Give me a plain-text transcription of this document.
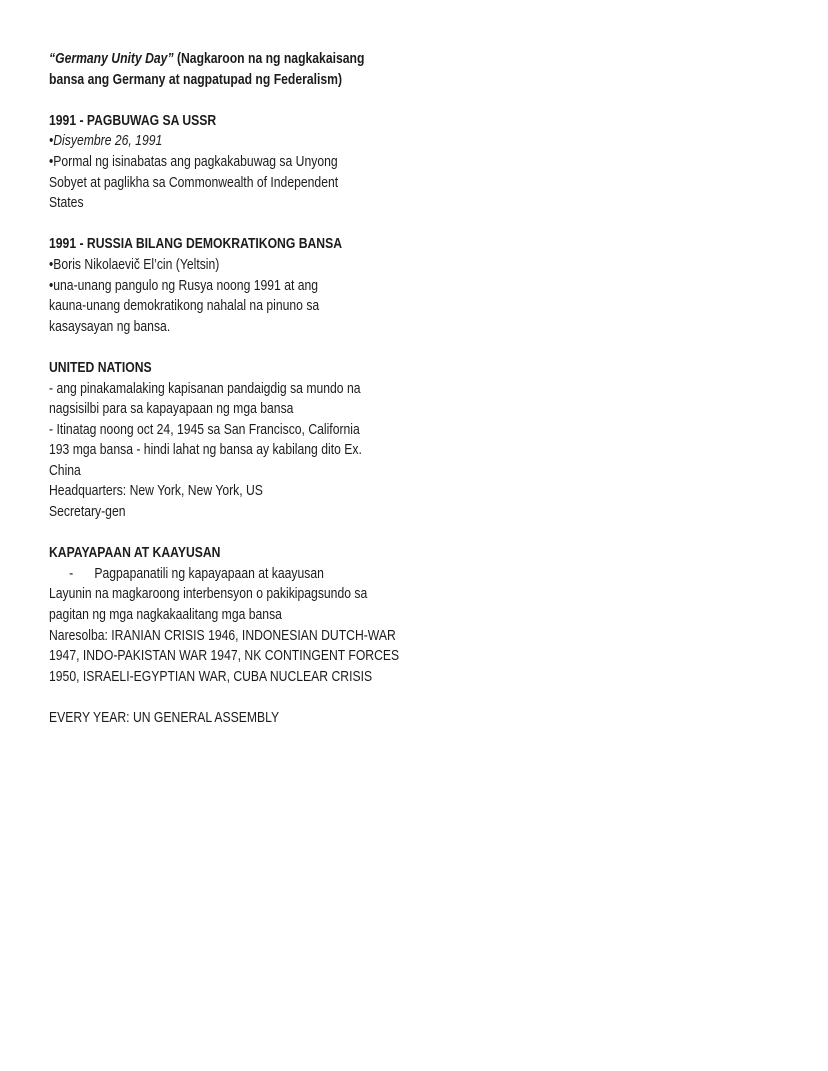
“Germany Unity Day” (Nagkaroon na ng nagkakaisang
bansa ang Germany at nagpatupad ng Federalism)
1991 - PAGBUWAG SA USSR
•Disyembre 26, 1991
•Pormal ng isinabatas ang pagkakabuwag sa Unyong
Sobyet at paglikha sa Commonwealth of Independent
States
1991 - RUSSIA BILANG DEMOKRATIKONG BANSA
•Boris Nikolaevič El’cin (Yeltsin)
•una-unang pangulo ng Rusya noong 1991 at ang
kauna-unang demokratikong nahalal na pinuno sa
kasaysayan ng bansa.
UNITED NATIONS
- ang pinakamalaking kapisanan pandaigdig sa mundo na
nagsisilbi para sa kapayapaan ng mga bansa
- Itinatag noong oct 24, 1945 sa San Francisco, California
193 mga bansa - hindi lahat ng bansa ay kabilang dito Ex.
China
Headquarters: New York, New York, US
Secretary-gen
KAPAYAPAAN AT KAAYUSAN
- Pagpapanatili ng kapayapaan at kaayusan
Layunin na magkaroong interbensyon o pakikipagsundo sa
pagitan ng mga nagkakaalitang mga bansa
Naresolba: IRANIAN CRISIS 1946, INDONESIAN DUTCH-WAR
1947, INDO-PAKISTAN WAR 1947, NK CONTINGENT FORCES
1950, ISRAELI-EGYPTIAN WAR, CUBA NUCLEAR CRISIS
EVERY YEAR: UN GENERAL ASSEMBLY
